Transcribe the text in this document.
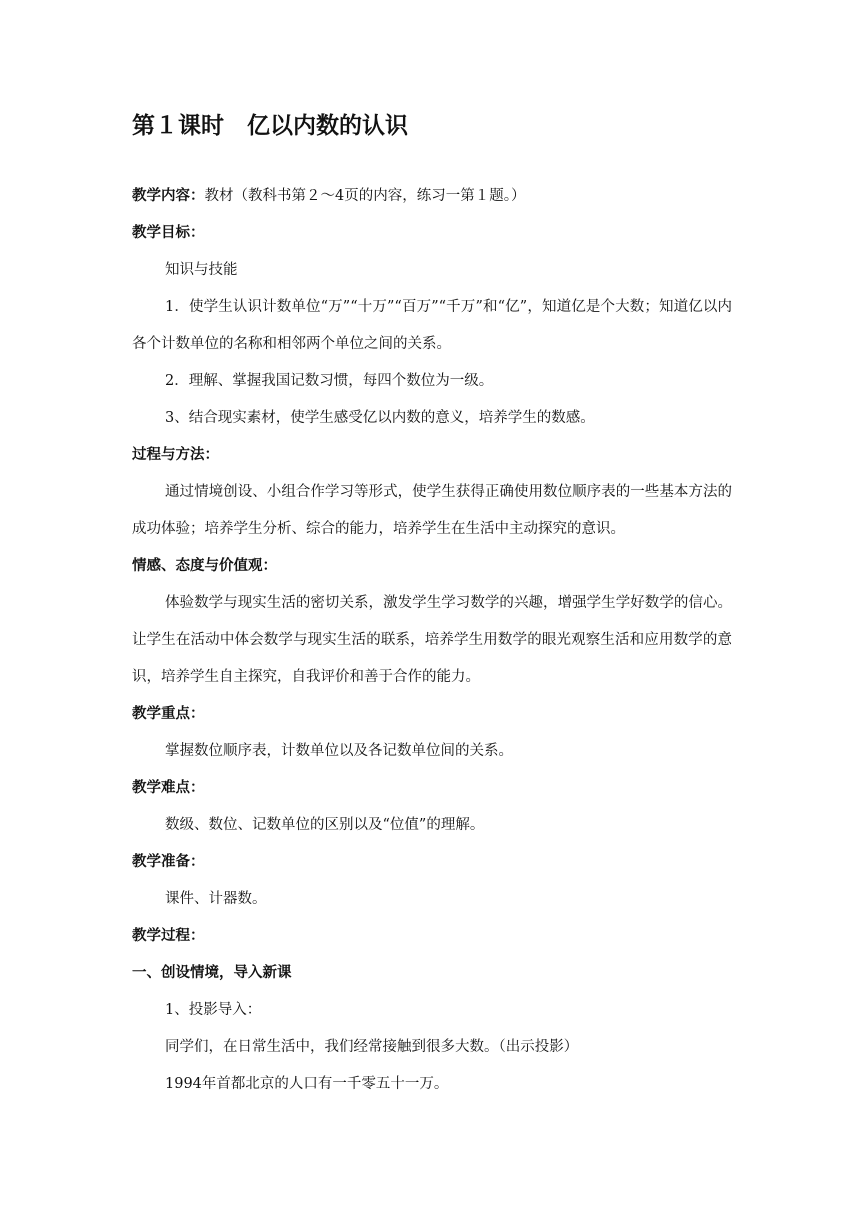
第１课时　亿以内数的认识

教学内容：教材（教科书第２～4页的内容，练习一第１题。）

教学目标：

知识与技能

1．使学生认识计数单位“万”“十万”“百万”“千万”和“亿”，知道亿是个大数；知道亿以内各个计数单位的名称和相邻两个单位之间的关系。

2．理解、掌握我国记数习惯，每四个数位为一级。

3、结合现实素材，使学生感受亿以内数的意义，培养学生的数感。

过程与方法：

通过情境创设、小组合作学习等形式，使学生获得正确使用数位顺序表的一些基本方法的成功体验；培养学生分析、综合的能力，培养学生在生活中主动探究的意识。

情感、态度与价值观：

体验数学与现实生活的密切关系，激发学生学习数学的兴趣，增强学生学好数学的信心。让学生在活动中体会数学与现实生活的联系，培养学生用数学的眼光观察生活和应用数学的意识，培养学生自主探究，自我评价和善于合作的能力。

教学重点：

掌握数位顺序表，计数单位以及各记数单位间的关系。

教学难点：

数级、数位、记数单位的区别以及“位值”的理解。

教学准备：

课件、计器数。

教学过程：

一、创设情境，导入新课

1、投影导入：

同学们，在日常生活中，我们经常接触到很多大数。（出示投影）

1994年首都北京的人口有一千零五十一万。
